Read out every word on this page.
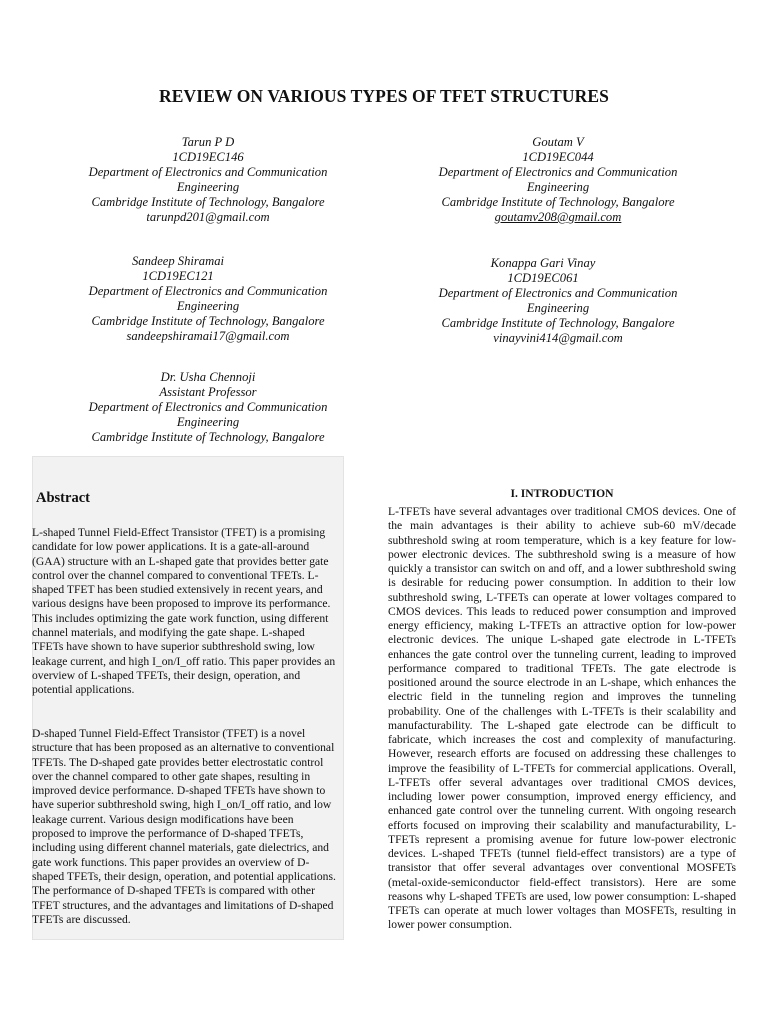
REVIEW ON VARIOUS TYPES OF TFET STRUCTURES
Tarun P D
1CD19EC146
Department of Electronics and Communication
Engineering
Cambridge Institute of Technology, Bangalore
tarunpd201@gmail.com
Goutam V
1CD19EC044
Department of Electronics and Communication
Engineering
Cambridge Institute of Technology, Bangalore
goutamv208@gmail.com
Sandeep Shiramai
1CD19EC121
Department of Electronics and Communication
Engineering
Cambridge Institute of Technology, Bangalore
sandeepshiramai17@gmail.com
Konappa Gari Vinay
1CD19EC061
Department of Electronics and Communication
Engineering
Cambridge Institute of Technology, Bangalore
vinayvini414@gmail.com
Dr. Usha Chennoji
Assistant Professor
Department of Electronics and Communication
Engineering
Cambridge Institute of Technology, Bangalore
Abstract
L-shaped Tunnel Field-Effect Transistor (TFET) is a promising candidate for low power applications. It is a gate-all-around (GAA) structure with an L-shaped gate that provides better gate control over the channel compared to conventional TFETs. L-shaped TFET has been studied extensively in recent years, and various designs have been proposed to improve its performance. This includes optimizing the gate work function, using different channel materials, and modifying the gate shape. L-shaped TFETs have shown to have superior subthreshold swing, low leakage current, and high I_on/I_off ratio. This paper provides an overview of L-shaped TFETs, their design, operation, and potential applications.
D-shaped Tunnel Field-Effect Transistor (TFET) is a novel structure that has been proposed as an alternative to conventional TFETs. The D-shaped gate provides better electrostatic control over the channel compared to other gate shapes, resulting in improved device performance. D-shaped TFETs have shown to have superior subthreshold swing, high I_on/I_off ratio, and low leakage current. Various design modifications have been proposed to improve the performance of D-shaped TFETs, including using different channel materials, gate dielectrics, and gate work functions. This paper provides an overview of D-shaped TFETs, their design, operation, and potential applications. The performance of D-shaped TFETs is compared with other TFET structures, and the advantages and limitations of D-shaped TFETs are discussed.
I. INTRODUCTION
L-TFETs have several advantages over traditional CMOS devices. One of the main advantages is their ability to achieve sub-60 mV/decade subthreshold swing at room temperature, which is a key feature for low-power electronic devices. The subthreshold swing is a measure of how quickly a transistor can switch on and off, and a lower subthreshold swing is desirable for reducing power consumption. In addition to their low subthreshold swing, L-TFETs can operate at lower voltages compared to CMOS devices. This leads to reduced power consumption and improved energy efficiency, making L-TFETs an attractive option for low-power electronic devices. The unique L-shaped gate electrode in L-TFETs enhances the gate control over the tunneling current, leading to improved performance compared to traditional TFETs. The gate electrode is positioned around the source electrode in an L-shape, which enhances the electric field in the tunneling region and improves the tunneling probability. One of the challenges with L-TFETs is their scalability and manufacturability. The L-shaped gate electrode can be difficult to fabricate, which increases the cost and complexity of manufacturing. However, research efforts are focused on addressing these challenges to improve the feasibility of L-TFETs for commercial applications. Overall, L-TFETs offer several advantages over traditional CMOS devices, including lower power consumption, improved energy efficiency, and enhanced gate control over the tunneling current. With ongoing research efforts focused on improving their scalability and manufacturability, L-TFETs represent a promising avenue for future low-power electronic devices. L-shaped TFETs (tunnel field-effect transistors) are a type of transistor that offer several advantages over conventional MOSFETs (metal-oxide-semiconductor field-effect transistors). Here are some reasons why L-shaped TFETs are used, low power consumption: L-shaped TFETs can operate at much lower voltages than MOSFETs, resulting in lower power consumption.
